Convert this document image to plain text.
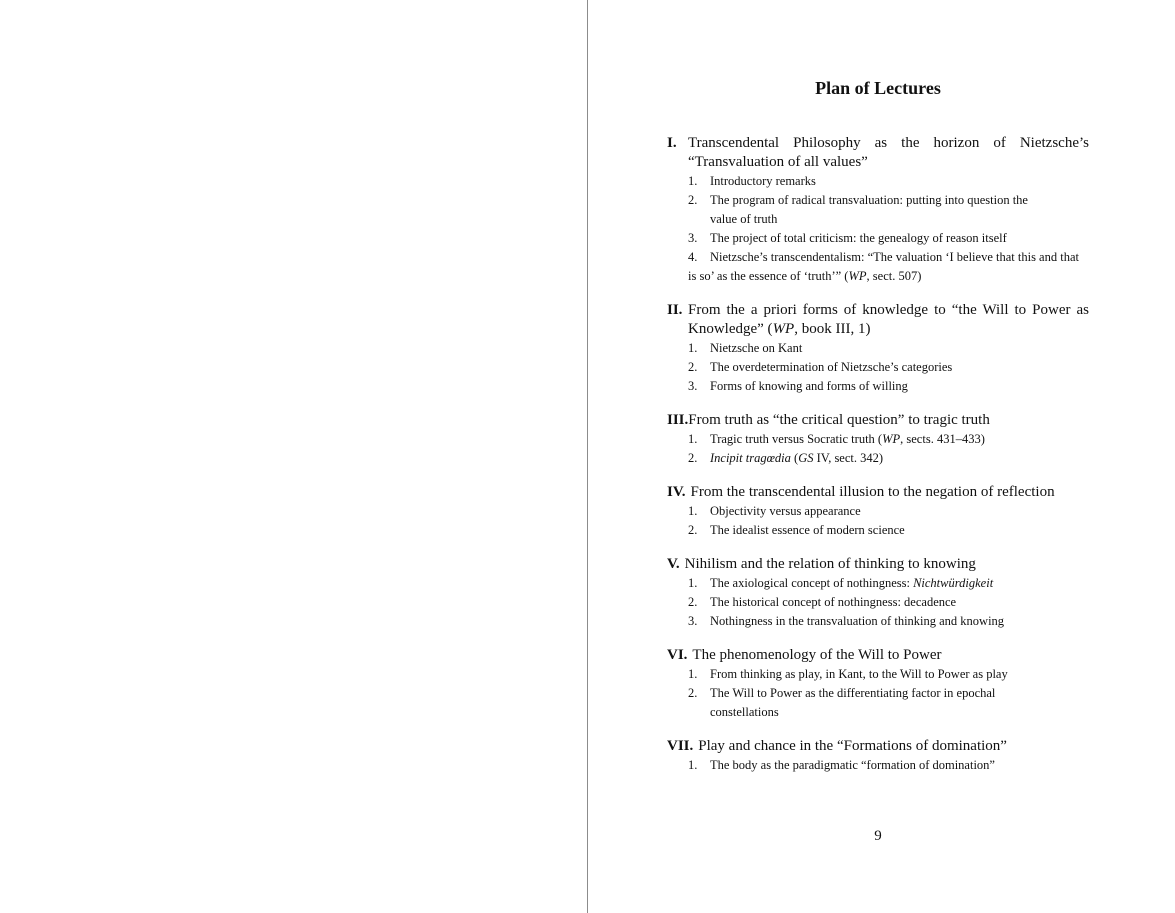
Plan of Lectures
I. Transcendental Philosophy as the horizon of Nietzsche’s “Transvaluation of all values”
1.	Introductory remarks
2.	The program of radical transvaluation: putting into question the value of truth
3.	The project of total criticism: the genealogy of reason itself
4. Nietzsche’s transcendentalism: “The valuation ‘I believe that this and that is so’ as the essence of ‘truth’” (WP, sect. 507)
II. From the a priori forms of knowledge to “the Will to Power as Knowledge” (WP, book III, 1)
1.	Nietzsche on Kant
2.	The overdetermination of Nietzsche’s categories
3.	Forms of knowing and forms of willing
III. From truth as “the critical question” to tragic truth
1.	Tragic truth versus Socratic truth (WP, sects. 431–433)
2.	Incipit tragœdia (GS IV, sect. 342)
IV. From the transcendental illusion to the negation of reflection
1.	Objectivity versus appearance
2.	The idealist essence of modern science
V. Nihilism and the relation of thinking to knowing
1.	The axiological concept of nothingness: Nichtwürdigkeit
2.	The historical concept of nothingness: decadence
3.	Nothingness in the transvaluation of thinking and knowing
VI. The phenomenology of the Will to Power
1.	From thinking as play, in Kant, to the Will to Power as play
2.	The Will to Power as the differentiating factor in epochal constellations
VII. Play and chance in the “Formations of domination”
1.	The body as the paradigmatic “formation of domination”
9
